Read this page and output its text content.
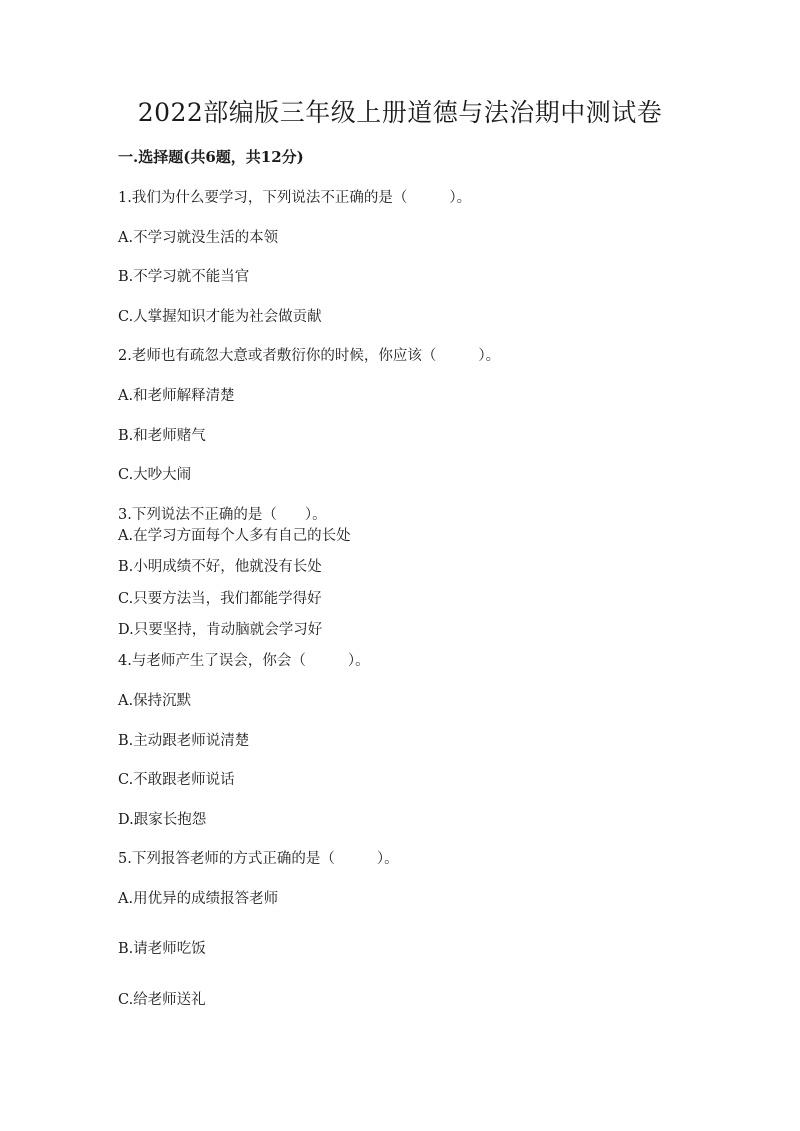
2022部编版三年级上册道德与法治期中测试卷
一.选择题(共6题，共12分)
1.我们为什么要学习，下列说法不正确的是（	）。
A.不学习就没生活的本领
B.不学习就不能当官
C.人掌握知识才能为社会做贡献
2.老师也有疏忽大意或者敷衍你的时候，你应该（	）。
A.和老师解释清楚
B.和老师赌气
C.大吵大闹
3.下列说法不正确的是（ ）。
A.在学习方面每个人多有自己的长处
B.小明成绩不好，他就没有长处
C.只要方法当，我们都能学得好
D.只要坚持，肯动脑就会学习好
4.与老师产生了误会，你会（	）。
A.保持沉默
B.主动跟老师说清楚
C.不敢跟老师说话
D.跟家长抱怨
5.下列报答老师的方式正确的是（	）。
A.用优异的成绩报答老师
B.请老师吃饭
C.给老师送礼
